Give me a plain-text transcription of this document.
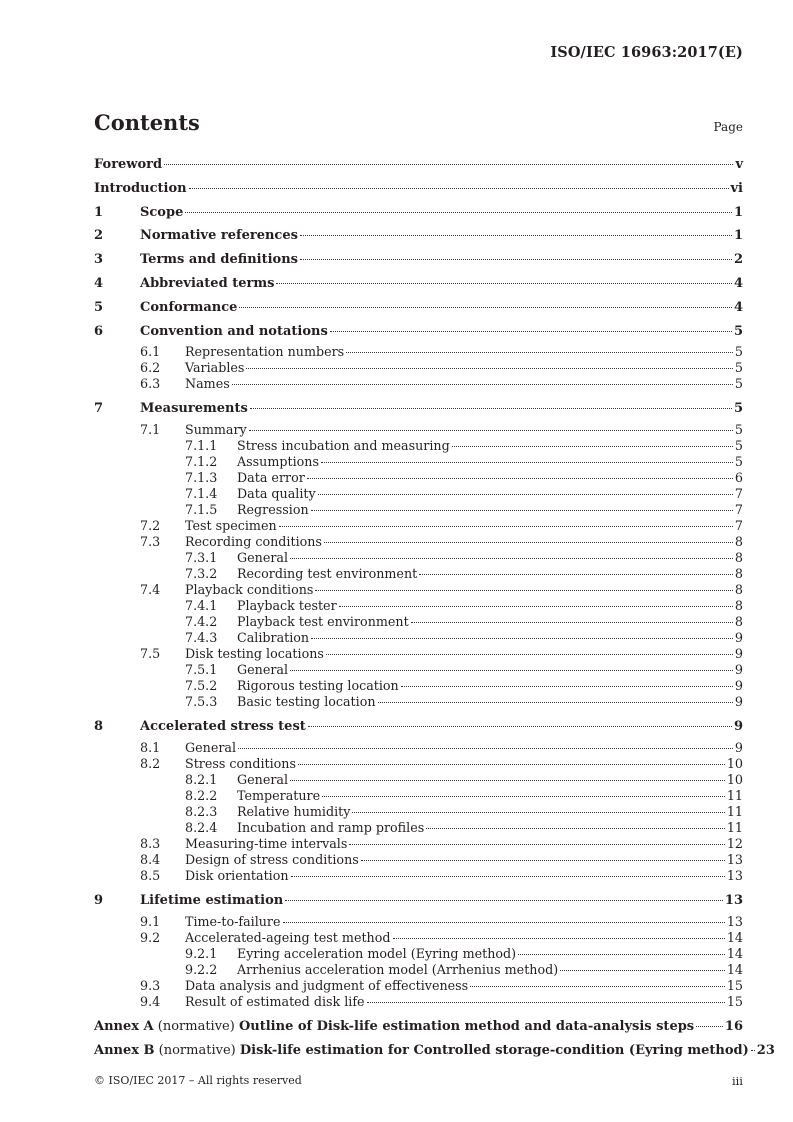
ISO/IEC 16963:2017(E)
Contents	Page
Foreword	v
Introduction	vi
1	Scope	1
2	Normative references	1
3	Terms and definitions	2
4	Abbreviated terms	4
5	Conformance	4
6	Convention and notations	5
6.1	Representation numbers	5
6.2	Variables	5
6.3	Names	5
7	Measurements	5
7.1	Summary	5
7.1.1	Stress incubation and measuring	5
7.1.2	Assumptions	5
7.1.3	Data error	6
7.1.4	Data quality	7
7.1.5	Regression	7
7.2	Test specimen	7
7.3	Recording conditions	8
7.3.1	General	8
7.3.2	Recording test environment	8
7.4	Playback conditions	8
7.4.1	Playback tester	8
7.4.2	Playback test environment	8
7.4.3	Calibration	9
7.5	Disk testing locations	9
7.5.1	General	9
7.5.2	Rigorous testing location	9
7.5.3	Basic testing location	9
8	Accelerated stress test	9
8.1	General	9
8.2	Stress conditions	10
8.2.1	General	10
8.2.2	Temperature	11
8.2.3	Relative humidity	11
8.2.4	Incubation and ramp profiles	11
8.3	Measuring-time intervals	12
8.4	Design of stress conditions	13
8.5	Disk orientation	13
9	Lifetime estimation	13
9.1	Time-to-failure	13
9.2	Accelerated-ageing test method	14
9.2.1	Eyring acceleration model (Eyring method)	14
9.2.2	Arrhenius acceleration model (Arrhenius method)	14
9.3	Data analysis and judgment of effectiveness	15
9.4	Result of estimated disk life	15
Annex A (normative) Outline of Disk-life estimation method and data-analysis steps 16
Annex B (normative) Disk-life estimation for Controlled storage-condition (Eyring method) 23
© ISO/IEC 2017 – All rights reserved	iii
